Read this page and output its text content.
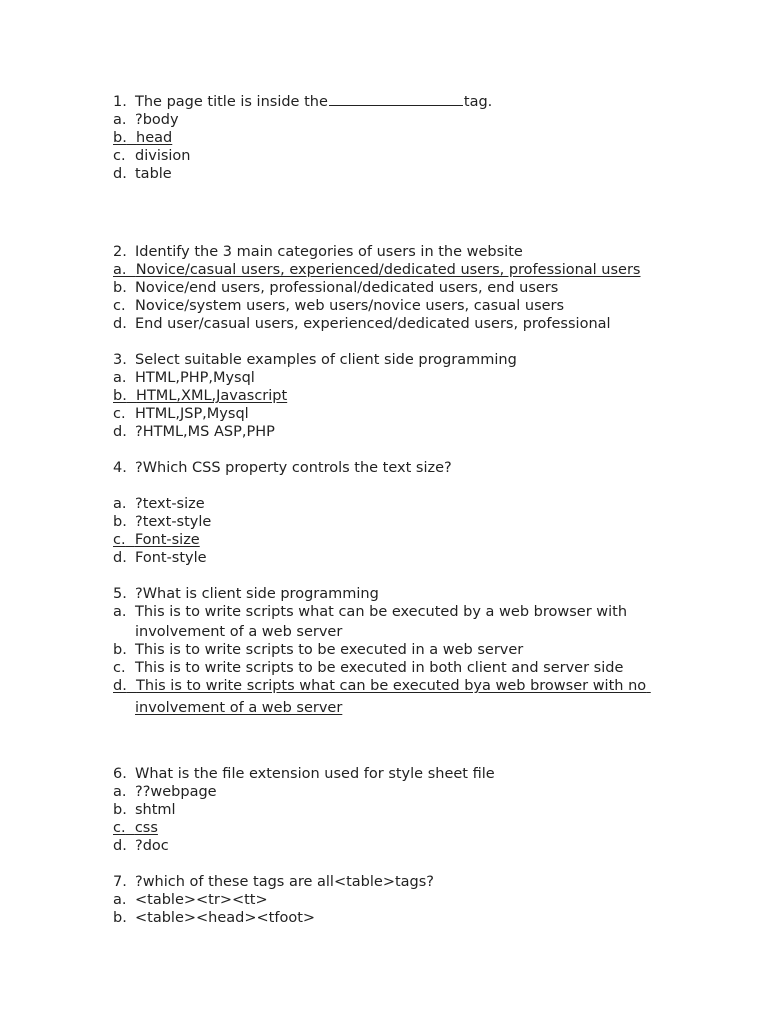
1. The page title is inside the	tag.
a. ?body
b. head
c. division
d. table
2. Identify the 3 main categories of users in the website
a. Novice/casual users, experienced/dedicated users, professional users
b. Novice/end users, professional/dedicated users, end users
c. Novice/system users, web users/novice users, casual users
d. End user/casual users, experienced/dedicated users, professional
3. Select suitable examples of client side programming
a. HTML,PHP,Mysql
b. HTML,XML,Javascript
c. HTML,JSP,Mysql
d. ?HTML,MS ASP,PHP
4. ?Which CSS property controls the text size?
a. ?text-size
b. ?text-style
c. Font-size
d. Font-style
5. ?What is client side programming
a. This is to write scripts what can be executed by a web browser with
involvement of a web server
b. This is to write scripts to be executed in a web server
c. This is to write scripts to be executed in both client and server side
d. This is to write scripts what can be executed bya web browser with no
involvement of a web server
6. What is the file extension used for style sheet file
a. ??webpage
b. shtml
c. css
d. ?doc
7. ?which of these tags are all<table>tags?
a. <table><tr><tt>
b. <table><head><tfoot>
